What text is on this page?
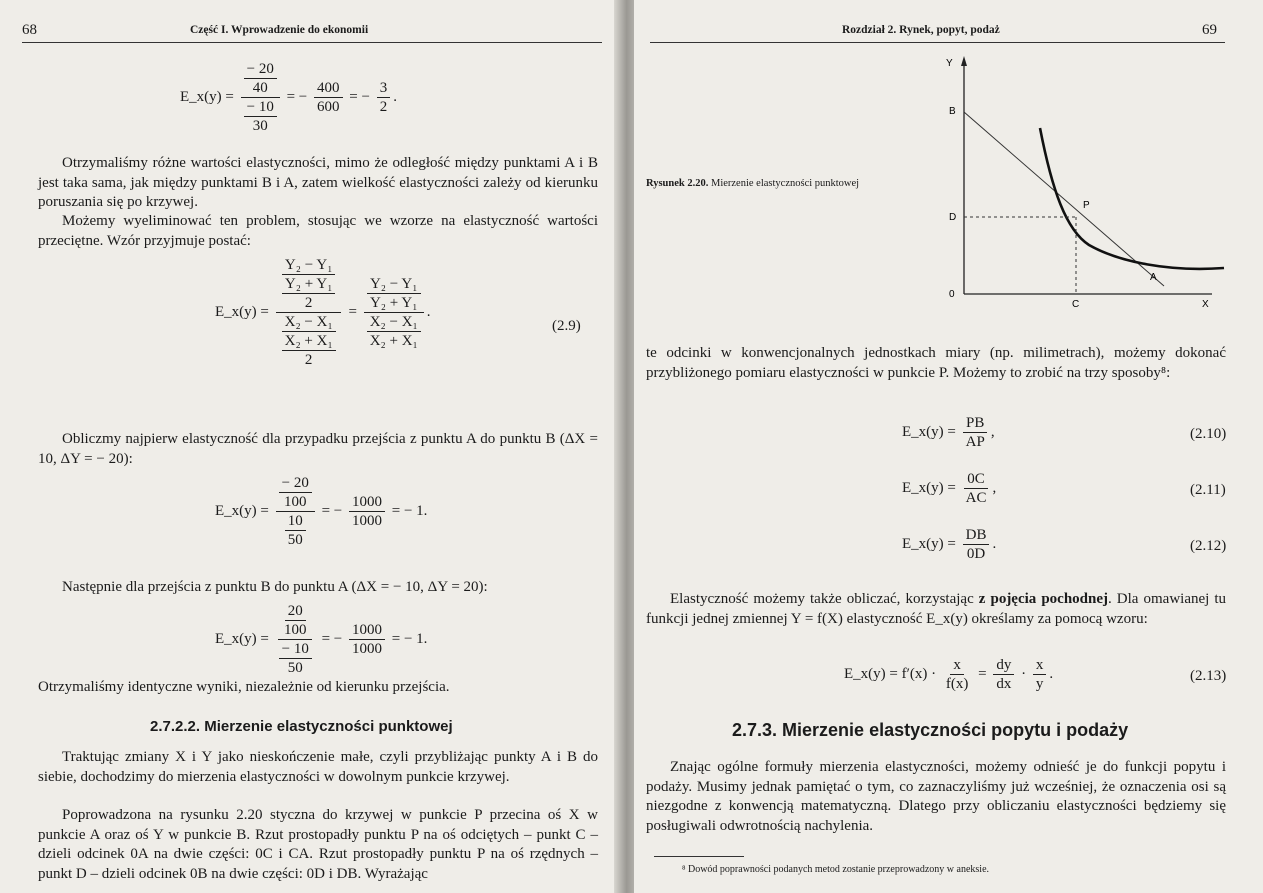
68	Część I. Wprowadzenie do ekonomii
E_x(y) = $\frac{\frac{- 20}{40}}{\frac{- 10}{30}}$ = − $\frac{400}{600}$ = − $\frac{3}{2}$ .
Otrzymaliśmy różne wartości elastyczności, mimo że odległość między punktami A i B jest taka sama, jak między punktami B i A, zatem wielkość elastyczności zależy od kierunku poruszania się po krzywej.
Możemy wyeliminować ten problem, stosując we wzorze na elastyczność wartości przeciętne. Wzór przyjmuje postać:
E_x(y) = $\frac{\frac{\text{Y₂ − Y₁}}{\frac{\text{Y₂ + Y₁}}{2}}}{\frac{\text{X₂ − X₁}}{\frac{\text{X₂ + X₁}}{2}}} = \frac{\frac{\text{Y₂ − Y₁}}{\text{Y₂ + Y₁}}}{\frac{\text{X₂ − X₁}}{\text{X₂ + X₁}}}$ .
(2.9)
Obliczmy najpierw elastyczność dla przypadku przejścia z punktu A do punktu B (ΔX = 10, ΔY = − 20):
E_x(y) = $\frac{\frac{- 20}{100}}{\frac{10}{50}}$ = − $\frac{1000}{1000}$ = − 1.
Następnie dla przejścia z punktu B do punktu A (ΔX = − 10, ΔY = 20):
E_x(y) = $\frac{\frac{20}{100}}{\frac{- 10}{50}}$ = − $\frac{1000}{1000}$ = − 1.
Otrzymaliśmy identyczne wyniki, niezależnie od kierunku przejścia.
2.7.2.2. Mierzenie elastyczności punktowej
Traktując zmiany X i Y jako nieskończenie małe, czyli przybliżając punkty A i B do siebie, dochodzimy do mierzenia elastyczności w dowolnym punkcie krzywej.
Poprowadzona na rysunku 2.20 styczna do krzywej w punkcie P przecina oś X w punkcie A oraz oś Y w punkcie B. Rzut prostopadły punktu P na oś odciętych – punkt C – dzieli odcinek 0A na dwie części: 0C i CA. Rzut prostopadły punktu P na oś rzędnych – punkt D – dzieli odcinek 0B na dwie części: 0D i DB. Wyrażając
Rozdział 2. Rynek, popyt, podaż	69
Rysunek 2.20. Mierzenie elastyczności punktowej
Y
X
0
B
D
P
C
A
te odcinki w konwencjonalnych jednostkach miary (np. milimetrach), możemy dokonać przybliżonego pomiaru elastyczności w punkcie P. Możemy to zrobić na trzy sposoby⁸:
E_x(y) = $\frac{PB}{AP}$ ,	(2.10)
E_x(y) = $\frac{0C}{AC}$ ,	(2.11)
E_x(y) = $\frac{DB}{0D}$ .	(2.12)
Elastyczność możemy także obliczać, korzystając z pojęcia pochodnej. Dla omawianej tu funkcji jednej zmiennej Y = f(X) elastyczność E_x(y) określamy za pomocą wzoru:
E_x(y) = $f'(x) \cdot \frac{x}{f(x)} = \frac{dy}{dx} \cdot \frac{x}{y}$ .	(2.13)
2.7.3. Mierzenie elastyczności popytu i podaży
Znając ogólne formuły mierzenia elastyczności, możemy odnieść je do funkcji popytu i podaży. Musimy jednak pamiętać o tym, co zaznaczyliśmy już wcześniej, że oznaczenia osi są niezgodne z konwencją matematyczną. Dlatego przy obliczaniu elastyczności będziemy się posługiwali odwrotnością nachylenia.
⁸ Dowód poprawności podanych metod zostanie przeprowadzony w aneksie.
